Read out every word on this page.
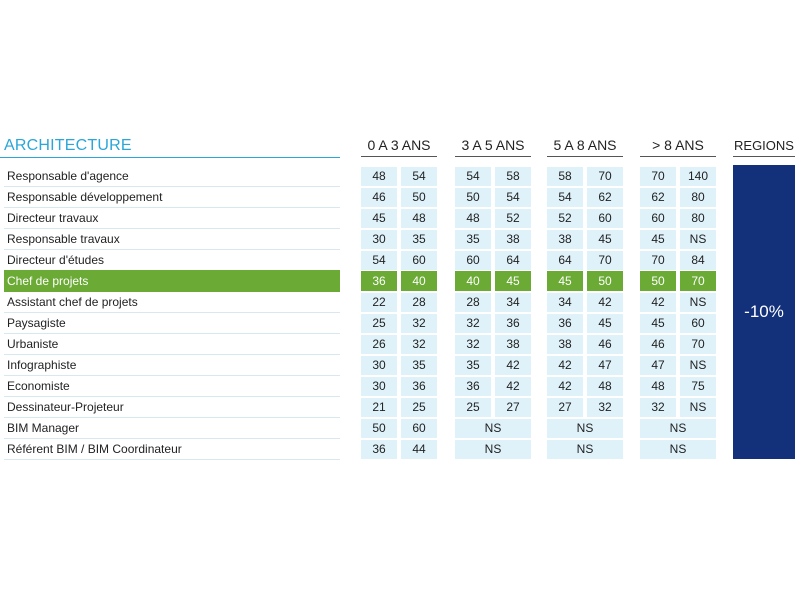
ARCHITECTURE	0 A 3 ANS	3 A 5 ANS	5 A 8 ANS	> 8 ANS
Responsable d'agence	48	54	54	58	58	70	70	140
Responsable développement	46	50	50	54	54	62	62	80
Directeur travaux	45	48	48	52	52	60	60	80
Responsable travaux	30	35	35	38	38	45	45	NS
Directeur d'études	54	60	60	64	64	70	70	84
Chef de projets	36	40	40	45	45	50	50	70
Assistant chef de projets	22	28	28	34	34	42	42	NS
Paysagiste	25	32	32	36	36	45	45	60
Urbaniste	26	32	32	38	38	46	46	70
Infographiste	30	35	35	42	42	47	47	NS
Economiste	30	36	36	42	42	48	48	75
Dessinateur-Projeteur	21	25	25	27	27	32	32	NS
BIM Manager	50	60	NS	NS	NS
Référent BIM / BIM Coordinateur	36	44	NS	NS	NS
REGIONS
-10%
